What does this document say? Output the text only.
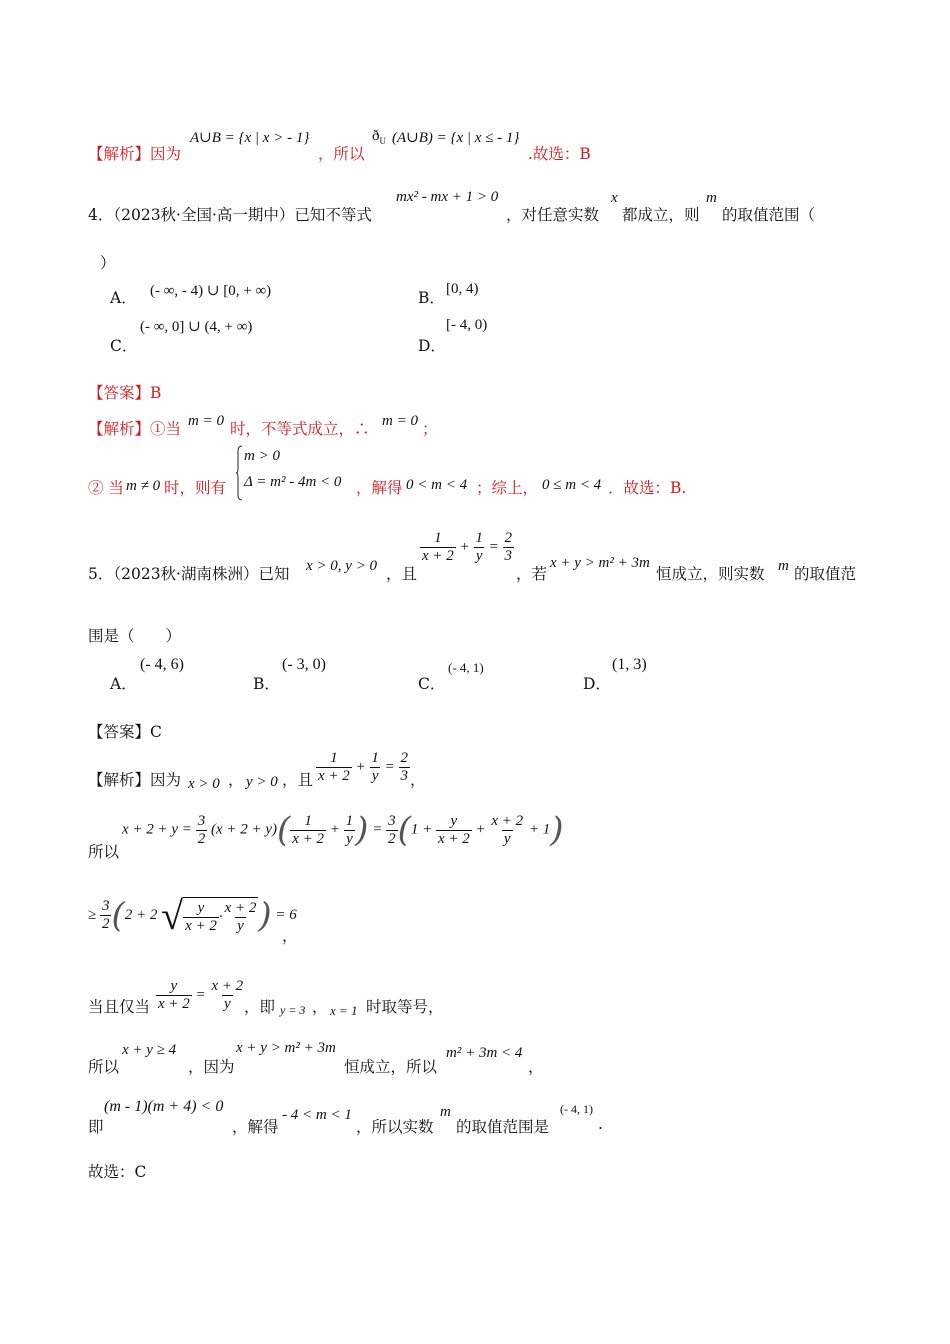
【解析】因为
A∪B = {x | x > - 1}
，所以
$ð_U$ (A∪B) = {x | x ≤ - 1}
.故选：B
4．（2023秋·全国·高一期中）已知不等式
mx² - mx + 1 > 0
，对任意实数
x
都成立，则
m
的取值范围（
）
A． (- ∞, - 4) ∪ [0, + ∞)	B． [0, 4)
C．
(- ∞, 0] ∪ (4, + ∞)
D．
[- 4, 0)
【答案】B
【解析】①当 m = 0 时，不等式成立，∴ m = 0 ；
② 当 m ≠ 0 时，则有
m > 0
Δ = m² - 4m < 0 ，解得 0 < m < 4 ；综上， 0 ≤ m < 4 ．故选：B.
5．（2023秋·湖南株洲）已知 x > 0, y > 0 ，且
$\frac{1}{x + 2} + \frac{1}{y} = \frac{2}{3}$
，若
x + y > m² + 3m
恒成立，则实数 m 的取值范
围是（　　）
A．
(- 4, 6)
B．
(- 3, 0)
C．
(- 4, 1)
D．
(1, 3)
【答案】C
【解析】因为 x > 0 ， y > 0 ，且 $\frac{1}{x + 2} + \frac{1}{y} = \frac{2}{3}$ ，
所以
$x + 2 + y = \frac{3}{2} (x + 2 + y)( \frac{1}{x + 2} + \frac{1}{y}$ ) = $\frac{3}{2} (1 + \frac{y}{x + 2} + \frac{x + 2}{y} + 1)$
≥ $\frac{3}{2} (2 + 2$ √ $\frac{y}{x + 2} \cdot \frac{x + 2}{y}$ ) = 6
，
当且仅当 $\frac{y}{x + 2} = \frac{x + 2}{y}$
，即 y = 3 ， x = 1 时取等号，
所以
x + y ≥ 4
，因为
x + y > m² + 3m
恒成立，所以
m² + 3m < 4
，
即
(m - 1)(m + 4) < 0
，解得
- 4 < m < 1
，所以实数
m
的取值范围是
(- 4, 1)
.
故选：C
